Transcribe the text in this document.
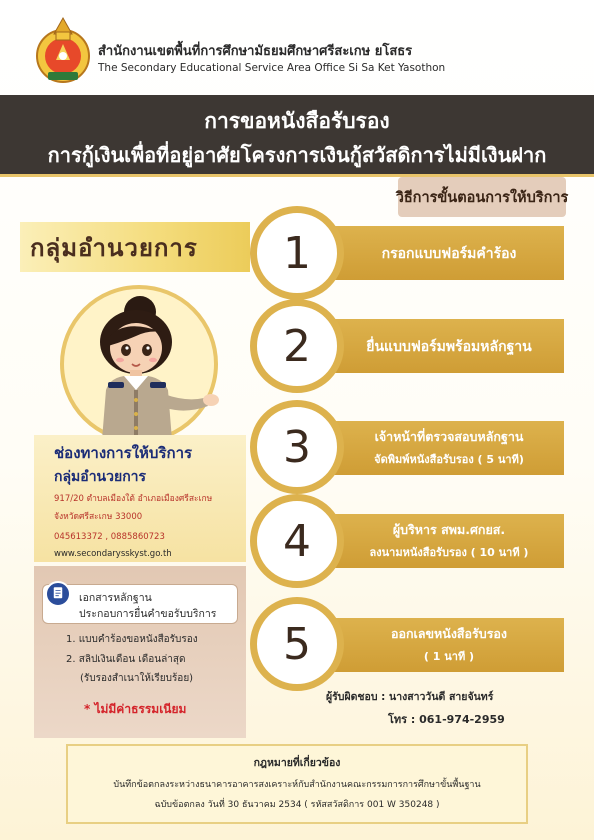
สำนักงานเขตพื้นที่การศึกษามัธยมศึกษาศรีสะเกษ ยโสธร
The Secondary Educational Service Area Office Si Sa Ket Yasothon
การขอหนังสือรับรอง
การกู้เงินเพื่อที่อยู่อาศัยโครงการเงินกู้สวัสดิการไม่มีเงินฝาก
วิธีการขั้นตอนการให้บริการ
กลุ่มอำนวยการ
ช่องทางการให้บริการ
กลุ่มอำนวยการ
917/20 ตำบลเมืองใต้ อำเภอเมืองศรีสะเกษ
จังหวัดศรีสะเกษ 33000
045613372 , 0885860723
www.secondarysskyst.go.th
เอกสารหลักฐาน
ประกอบการยื่นคำขอรับบริการ
1. แบบคำร้องขอหนังสือรับรอง
2. สลิปเงินเดือน เดือนล่าสุด
(รับรองสำเนาให้เรียบร้อย)
* ไม่มีค่าธรรมเนียม
กรอกแบบฟอร์มคำร้อง
1
ยื่นแบบฟอร์มพร้อมหลักฐาน
2
เจ้าหน้าที่ตรวจสอบหลักฐาน
จัดพิมพ์หนังสือรับรอง ( 5 นาที)
3
ผู้บริหาร สพม.ศกยส.
ลงนามหนังสือรับรอง ( 10 นาที )
4
ออกเลขหนังสือรับรอง
( 1 นาที )
5
ผู้รับผิดชอบ : นางสาววันดี สายจันทร์
โทร : 061-974-2959
กฎหมายที่เกี่ยวข้อง
บันทึกข้อตกลงระหว่างธนาคารอาคารสงเคราะห์กับสำนักงานคณะกรรมการการศึกษาขั้นพื้นฐาน
ฉบับข้อตกลง วันที่ 30 ธันวาคม 2534 ( รหัสสวัสดิการ 001 W 350248 )
